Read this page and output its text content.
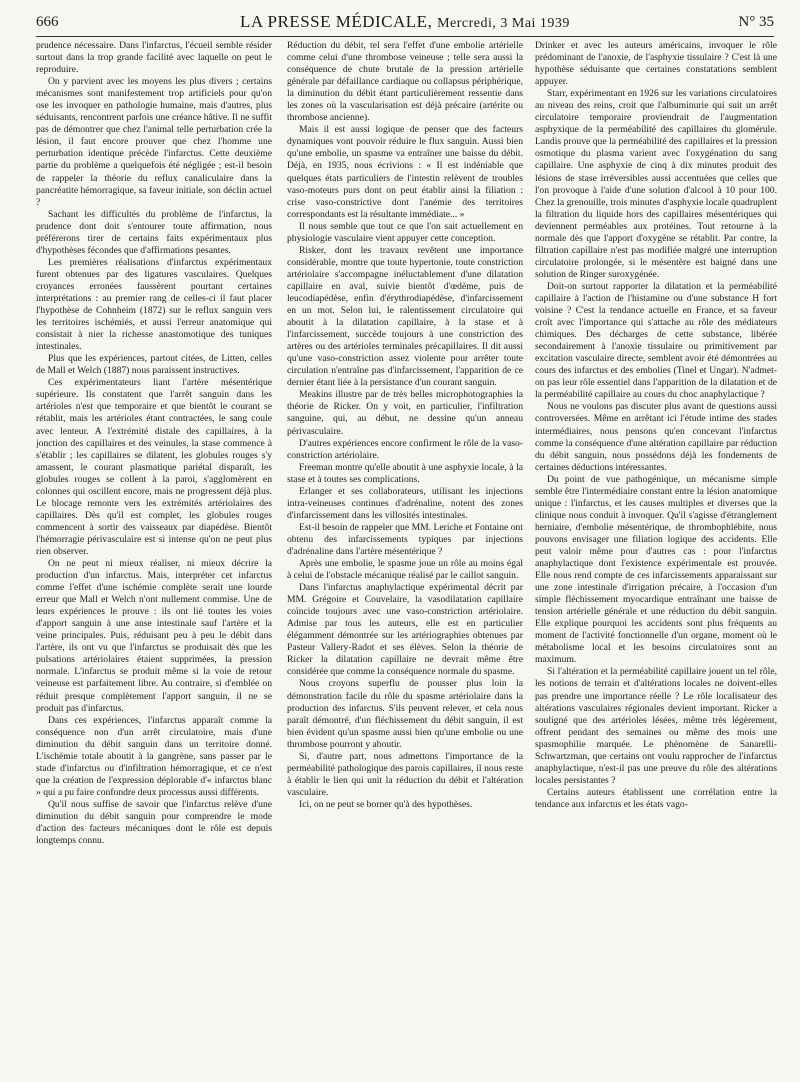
666	LA PRESSE MÉDICALE, Mercredi, 3 Mai 1939	N° 35

prudence nécessaire. Dans l'infarctus, l'écueil semble résider surtout dans la trop grande facilité avec laquelle on peut le reproduire.

On y parvient avec les moyens les plus divers ; certains mécanismes sont manifestement trop artificiels pour qu'on ose les invoquer en pathologie humaine, mais d'autres, plus séduisants, rencontrent parfois une créance hâtive. Il ne suffit pas de démontrer que chez l'animal telle perturbation crée la lésion, il faut encore prouver que chez l'homme une perturbation identique précède l'infarctus. Cette deuxième partie du problème a quelquefois été négligée ; est-il besoin de rappeler la théorie du reflux canaliculaire dans la pancréatite hémorragique, sa faveur initiale, son déclin actuel ?

Sachant les difficultés du problème de l'infarctus, la prudence dont doit s'entourer toute affirmation, nous préférerons tirer de certains faits expérimentaux plus d'hypothèses fécondes que d'affirmations pesantes.

Les premières réalisations d'infarctus expérimentaux furent obtenues par des ligatures vasculaires. Quelques croyances erronées faussèrent pourtant certaines interprétations : au premier rang de celles-ci il faut placer l'hypothèse de Cohnheim (1872) sur le reflux sanguin vers les territoires ischémiés, et aussi l'erreur anatomique qui consistait à nier la richesse anastomotique des tuniques intestinales.

Plus que les expériences, partout citées, de Litten, celles de Mall et Welch (1887) nous paraissent instructives.

Ces expérimentateurs liant l'artère mésentérique supérieure. Ils constatent que l'arrêt sanguin dans les artérioles n'est que temporaire et que bientôt le courant se rétablit, mais les artérioles étant contractées, le sang coule avec lenteur. A l'extrémité distale des capillaires, à la jonction des capillaires et des veinules, la stase commence à s'établir ; les capillaires se dilatent, les globules rouges s'y amassent, le courant plasmatique pariétal disparaît, les globules rouges se collent à la paroi, s'agglomèrent en colonnes qui oscillent encore, mais ne progressent déjà plus. Le blocage remonte vers les extrémités artériolaires des capillaires. Dès qu'il est complet, les globules rouges commencent à sortir des vaisseaux par diapédèse. Bientôt l'hémorragie périvasculaire est si intense qu'on ne peut plus rien observer.

On ne peut ni mieux réaliser, ni mieux décrire la production d'un infarctus. Mais, interpréter cet infarctus comme l'effet d'une ischémie complète serait une lourde erreur que Mall et Welch n'ont nullement commise. Une de leurs expériences le prouve : ils ont lié toutes les voies d'apport sanguin à une anse intestinale sauf l'artère et la veine principales. Puis, réduisant peu à peu le débit dans l'artère, ils ont vu que l'infarctus se produisait dès que les pulsations artériolaires étaient supprimées, la pression normale. L'infarctus se produit même si la voie de retour veineuse est parfaitement libre. Au contraire, si d'emblée on réduit presque complètement l'apport sanguin, il ne se produit pas d'infarctus.

Dans ces expériences, l'infarctus apparaît comme la conséquence non d'un arrêt circulatoire, mais d'une diminution du débit sanguin dans un territoire donné. L'ischémie totale aboutit à la gangrène, sans passer par le stade d'infarctus ou d'infiltration hémorragique, et ce n'est que la création de l'expression déplorable d'« infarctus blanc » qui a pu faire confondre deux processus aussi différents.

Qu'il nous suffise de savoir que l'infarctus relève d'une diminution du débit sanguin pour comprendre le mode d'action des facteurs mécaniques dont le rôle est depuis longtemps connu.

Réduction du débit, tel sera l'effet d'une embolie artérielle comme celui d'une thrombose veineuse ; telle sera aussi la conséquence de chute brutale de la pression artérielle générale par défaillance cardiaque ou collapsus périphérique, la diminution du débit étant particulièrement ressentie dans les zones où la vascularisation est déjà précaire (artérite ou thrombose ancienne).

Mais il est aussi logique de penser que des facteurs dynamiques vont pouvoir réduire le flux sanguin. Aussi bien qu'une embolie, un spasme va entraîner une baisse du débit. Déjà, en 1935, nous écrivions : « Il est indéniable que quelques états particuliers de l'intestin relèvent de troubles vaso-moteurs purs dont on peut établir ainsi la filiation : crise vaso-constrictive dont l'anémie des territoires correspondants est la résultante immédiate... »

Il nous semble que tout ce que l'on sait actuellement en physiologie vasculaire vient appuyer cette conception.

Risker, dont les travaux revêtent une importance considérable, montre que toute hypertonie, toute constriction artériolaire s'accompagne inéluctablement d'une dilatation capillaire en aval, suivie bientôt d'œdème, puis de leucodiapédèse, enfin d'érythrodiapédèse, d'infarcissement en un mot. Selon lui, le ralentissement circulatoire qui aboutit à la dilatation capillaire, à la stase et à l'infarcissement, succède toujours à une constriction des artères ou des artérioles terminales précapillaires. Il dit aussi qu'une vaso-constriction assez violente pour arrêter toute circulation n'entraîne pas d'infarcissement, l'apparition de ce dernier étant liée à la persistance d'un courant sanguin.

Meakins illustre par de très belles microphotographies la théorie de Ricker. On y voit, en particulier, l'infiltration sanguine, qui, au début, ne dessine qu'un anneau périvasculaire.

D'autres expériences encore confirment le rôle de la vaso-constriction artériolaire.

Freeman montre qu'elle aboutit à une asphyxie locale, à la stase et à toutes ses complications.

Erlanger et ses collaborateurs, utilisant les injections intra-veineuses continues d'adrénaline, notent des zones d'infarcissement dans les villosités intestinales.

Est-il besoin de rappeler que MM. Leriche et Fontaine ont obtenu des infarcissements typiques par injections d'adrénaline dans l'artère mésentérique ?

Après une embolie, le spasme joue un rôle au moins égal à celui de l'obstacle mécanique réalisé par le caillot sanguin.

Dans l'infarctus anaphylactique expérimental décrit par MM. Grégoire et Couvelaire, la vasodilatation capillaire coïncide toujours avec une vaso-constriction artériolaire. Admise par tous les auteurs, elle est en particulier élégamment démontrée sur les artériographies obtenues par Pasteur Vallery-Radot et ses élèves. Selon la théorie de Ricker la dilatation capillaire ne devrait même être considérée que comme la conséquence normale du spasme.

Nous croyons superflu de pousser plus loin la démonstration facile du rôle du spasme artériolaire dans la production des infarctus. S'ils peuvent relever, et cela nous paraît démontré, d'un fléchissement du débit sanguin, il est bien évident qu'un spasme aussi bien qu'une embolie ou une thrombose pourront y aboutir.

Si, d'autre part, nous admettons l'importance de la perméabilité pathologique des parois capillaires, il nous reste à établir le lien qui unit la réduction du débit et l'altération vasculaire.

Ici, on ne peut se borner qu'à des hypothèses.

Drinker et avec les auteurs américains, invoquer le rôle prédominant de l'anoxie, de l'asphyxie tissulaire ? C'est là une hypothèse séduisante que certaines constatations semblent appuyer.

Starr, expérimentant en 1926 sur les variations circulatoires au niveau des reins, croit que l'albuminurie qui suit un arrêt circulatoire temporaire proviendrait de l'augmentation asphyxique de la perméabilité des capillaires du glomérule. Landis prouve que la perméabilité des capillaires et la pression osmotique du plasma varient avec l'oxygénation du sang capillaire. Une asphyxie de cinq à dix minutes produit des lésions de stase irréversibles aussi accentuées que celles que l'on provoque à l'aide d'une solution d'alcool à 10 pour 100. Chez la grenouille, trois minutes d'asphyxie locale quadruplent la filtration du liquide hors des capillaires mésentériques qui deviennent perméables aux protéines. Tout retourne à la normale dès que l'apport d'oxygène se rétablit. Par contre, la filtration capillaire n'est pas modifiée malgré une interruption circulatoire prolongée, si le mésentère est baigné dans une solution de Ringer suroxygénée.

Doit-on surtout rapporter la dilatation et la perméabilité capillaire à l'action de l'histamine ou d'une substance H fort voisine ? C'est la tendance actuelle en France, et sa faveur croît avec l'importance qui s'attache au rôle des médiateurs chimiques. Des décharges de cette substance, libérée secondairement à l'anoxie tissulaire ou primitivement par excitation vasculaire directe, semblent avoir été démontrées au cours des infarctus et des embolies (Tinel et Ungar). N'admet-on pas leur rôle essentiel dans l'apparition de la dilatation et de la perméabilité capillaire au cours du choc anaphylactique ?

Nous ne voulons pas discuter plus avant de questions aussi controversées. Même en arrêtant ici l'étude intime des stades intermédiaires, nous pensons qu'en concevant l'infarctus comme la conséquence d'une altération capillaire par réduction du débit sanguin, nous possédons déjà les fondements de certaines déductions intéressantes.

Du point de vue pathogénique, un mécanisme simple semble être l'intermédiaire constant entre la lésion anatomique unique : l'infarctus, et les causes multiples et diverses que la clinique nous conduit à invoquer. Qu'il s'agisse d'étranglement herniaire, d'embolie mésentérique, de thrombophlébite, nous pouvons envisager une filiation logique des accidents. Elle peut valoir même pour d'autres cas : pour l'infarctus anaphylactique dont l'existence expérimentale est prouvée. Elle nous rend compte de ces infarcissements apparaissant sur une zone intestinale d'irrigation précaire, à l'occasion d'un simple fléchissement myocardique entraînant une baisse de tension artérielle générale et une réduction du débit sanguin. Elle explique pourquoi les accidents sont plus fréquents au moment de l'activité fonctionnelle d'un organe, moment où le métabolisme local et les besoins circulatoires sont au maximum.

Si l'altération et la perméabilité capillaire jouent un tel rôle, les notions de terrain et d'altérations locales ne doivent-elles pas prendre une importance réelle ? Le rôle localisateur des altérations vasculaires régionales devient important. Ricker a souligné que des artérioles lésées, même très légèrement, offrent pendant des semaines ou même des mois une spasmophilie marquée. Le phénomène de Sanarelli-Schwartzman, que certains ont voulu rapprocher de l'infarctus anaphylactique, n'est-il pas une preuve du rôle des altérations locales persistantes ?

Certains auteurs établissent une corrélation entre la tendance aux infarctus et les états vago-
